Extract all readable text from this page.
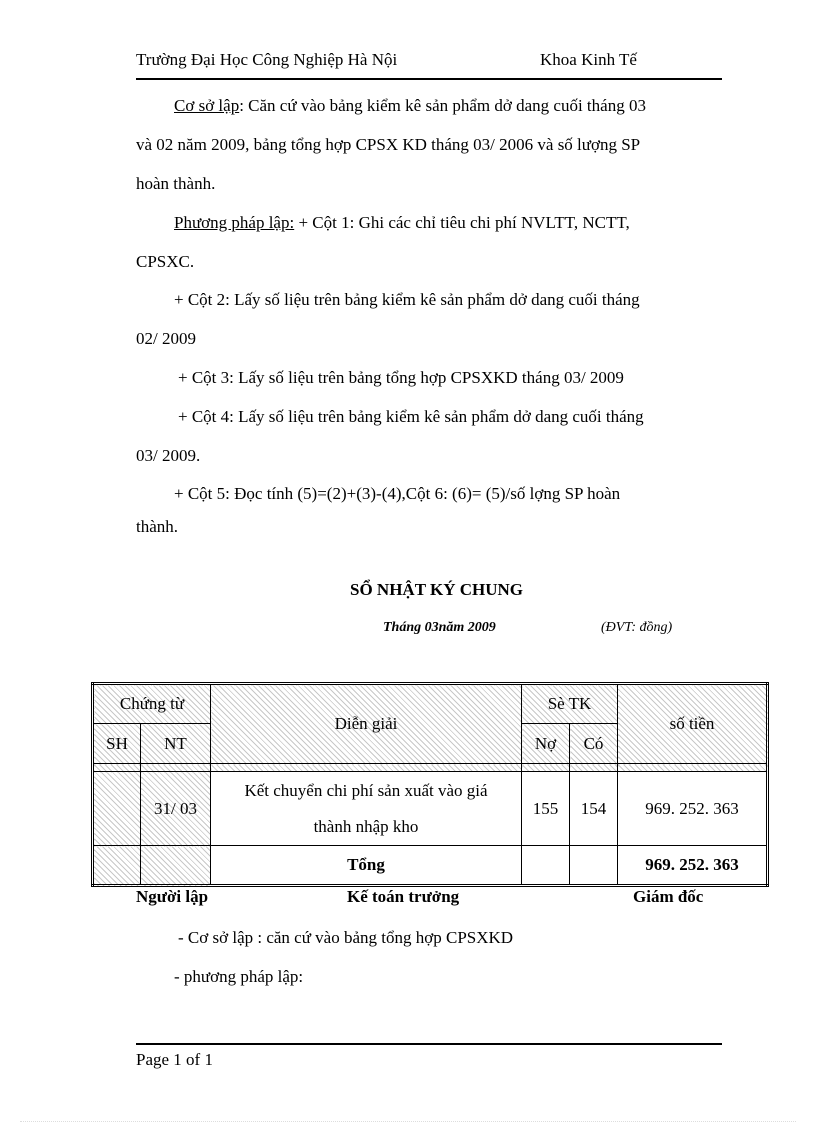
Trường Đại Học Công Nghiệp Hà Nội	Khoa Kinh Tế
Cơ sở lập: Căn cứ vào bảng kiểm kê sản phẩm dở dang cuối tháng 03
và 02 năm 2009, bảng tổng hợp CPSX KD tháng 03/ 2006 và số lượng SP
hoàn thành.
Phương pháp lập: + Cột 1: Ghi các chỉ tiêu chi phí NVLTT, NCTT,
CPSXC.
+ Cột 2: Lấy số liệu trên bảng kiểm kê sản phẩm dở dang cuối tháng
02/ 2009
+ Cột 3: Lấy số liệu trên bảng tổng hợp CPSXKD tháng 03/ 2009
+ Cột 4: Lấy số liệu trên bảng kiểm kê sản phẩm dở dang cuối tháng
03/ 2009.
+ Cột 5: Đọc tính (5)=(2)+(3)-(4),Cột 6: (6)= (5)/số lợng SP hoàn
thành.
SỔ NHẬT KÝ CHUNG
Tháng 03năm 2009	(ĐVT: đồng)
Chứng từ		Diễn giải	Sè TK		số tiền
SH	NT		Nợ	Có	

	31/ 03	Kết chuyển chi phí sản xuất vào giá
thành nhập kho	155	154	969. 252. 363
		Tổng			969. 252. 363
Người lập	Kế toán trưởng	Giám đốc
- Cơ sở lập : căn cứ vào bảng tổng hợp CPSXKD
- phương pháp lập:
Page 1 of 1
